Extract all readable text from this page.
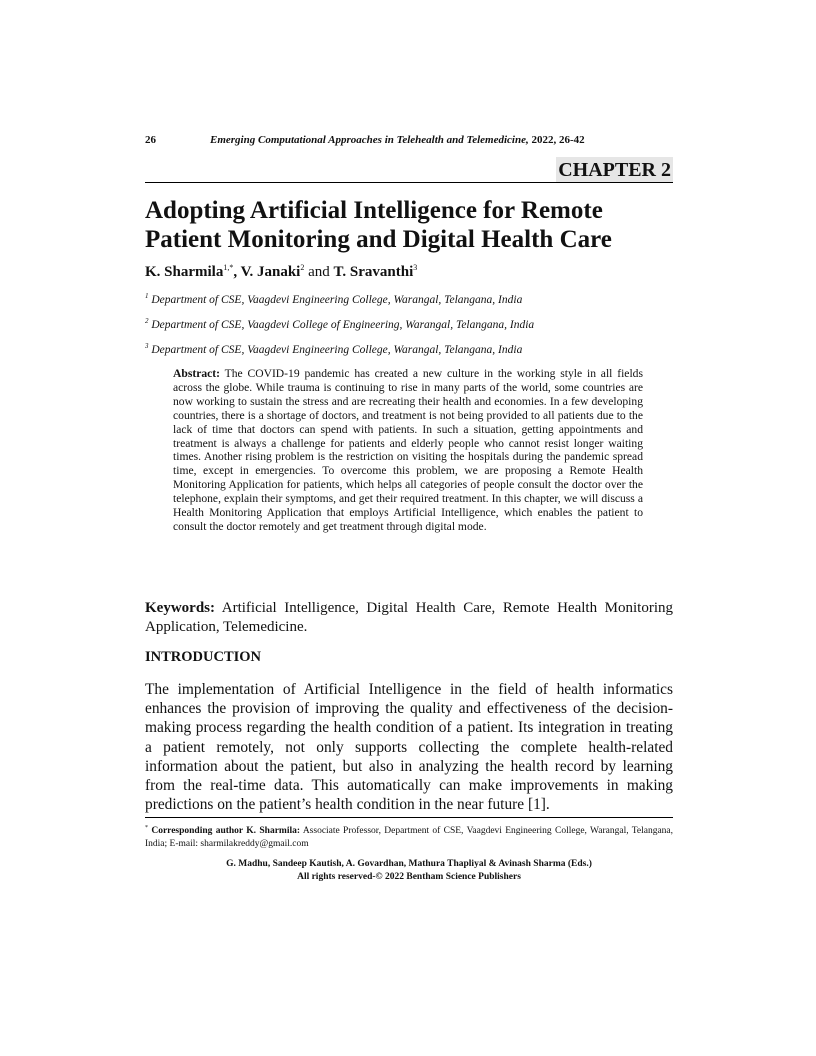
26	Emerging Computational Approaches in Telehealth and Telemedicine, 2022, 26-42
CHAPTER 2
Adopting Artificial Intelligence for Remote Patient Monitoring and Digital Health Care
K. Sharmila$^{1,*}$, V. Janaki$^2$ and T. Sravanthi$^3$
$^1$ Department of CSE, Vaagdevi Engineering College, Warangal, Telangana, India
$^2$ Department of CSE, Vaagdevi College of Engineering, Warangal, Telangana, India
$^3$ Department of CSE, Vaagdevi Engineering College, Warangal, Telangana, India

Abstract: The COVID-19 pandemic has created a new culture in the working style in all fields across the globe. While trauma is continuing to rise in many parts of the world, some countries are now working to sustain the stress and are recreating their health and economies. In a few developing countries, there is a shortage of doctors, and treatment is not being provided to all patients due to the lack of time that doctors can spend with patients. In such a situation, getting appointments and treatment is always a challenge for patients and elderly people who cannot resist longer waiting times. Another rising problem is the restriction on visiting the hospitals during the pandemic spread time, except in emergencies. To overcome this problem, we are proposing a Remote Health Monitoring Application for patients, which helps all categories of people consult the doctor over the telephone, explain their symptoms, and get their required treatment. In this chapter, we will discuss a Health Monitoring Application that employs Artificial Intelligence, which enables the patient to consult the doctor remotely and get treatment through digital mode.

Keywords: Artificial Intelligence, Digital Health Care, Remote Health Monitoring Application, Telemedicine.

INTRODUCTION

The implementation of Artificial Intelligence in the field of health informatics enhances the provision of improving the quality and effectiveness of the decision-making process regarding the health condition of a patient. Its integration in treating a patient remotely, not only supports collecting the complete health-related information about the patient, but also in analyzing the health record by learning from the real-time data. This automatically can make improvements in making predictions on the patient’s health condition in the near future [1].

* Corresponding author K. Sharmila: Associate Professor, Department of CSE, Vaagdevi Engineering College, Warangal, Telangana, India; E-mail: sharmilakreddy@gmail.com

G. Madhu, Sandeep Kautish, A. Govardhan, Mathura Thapliyal & Avinash Sharma (Eds.)
All rights reserved-© 2022 Bentham Science Publishers
